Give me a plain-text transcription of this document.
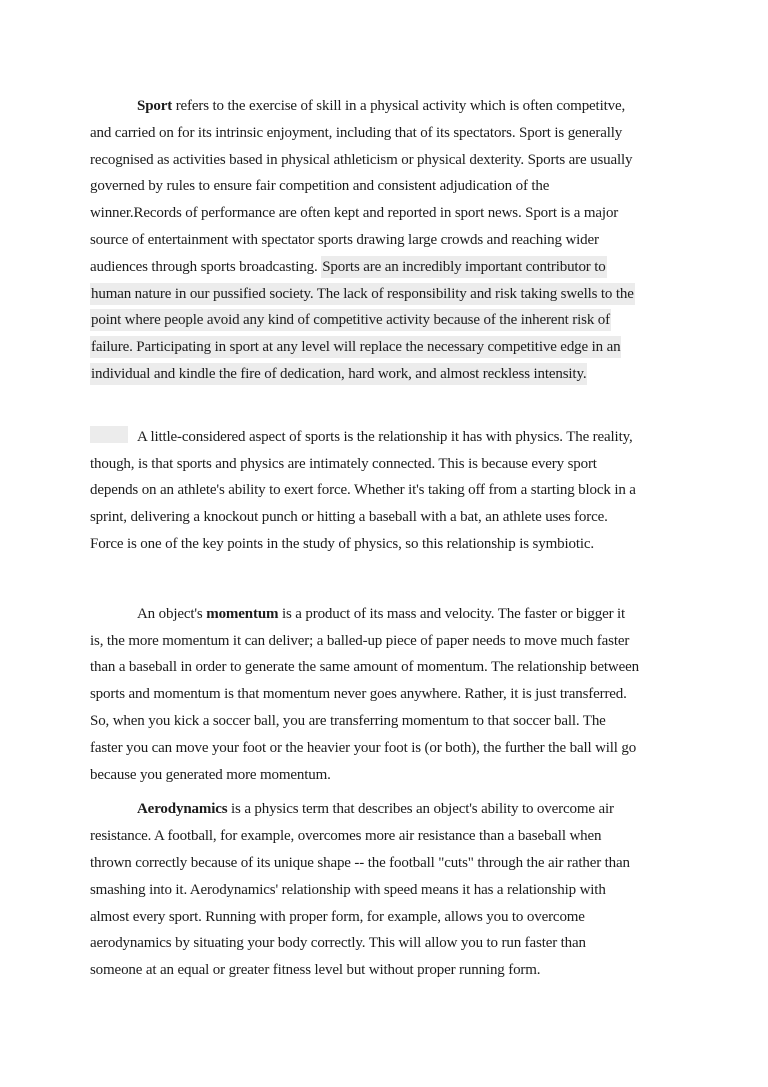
Sport refers to the exercise of skill in a physical activity which is often competitve,
and carried on for its intrinsic enjoyment, including that of its spectators. Sport is generally
recognised as activities based in physical athleticism or physical dexterity. Sports are usually
governed by rules to ensure fair competition and consistent adjudication of the
winner.Records of performance are often kept and reported in sport news. Sport is a major
source of entertainment with spectator sports drawing large crowds and reaching wider
audiences through sports broadcasting. Sports are an incredibly important contributor to
human nature in our pussified society. The lack of responsibility and risk taking swells to the
point where people avoid any kind of competitive activity because of the inherent risk of
failure. Participating in sport at any level will replace the necessary competitive edge in an
individual and kindle the fire of dedication, hard work, and almost reckless intensity.
A little-considered aspect of sports is the relationship it has with physics. The reality,
though, is that sports and physics are intimately connected. This is because every sport
depends on an athlete's ability to exert force. Whether it's taking off from a starting block in a
sprint, delivering a knockout punch or hitting a baseball with a bat, an athlete uses force.
Force is one of the key points in the study of physics, so this relationship is symbiotic.
An object's momentum is a product of its mass and velocity. The faster or bigger it
is, the more momentum it can deliver; a balled-up piece of paper needs to move much faster
than a baseball in order to generate the same amount of momentum. The relationship between
sports and momentum is that momentum never goes anywhere. Rather, it is just transferred.
So, when you kick a soccer ball, you are transferring momentum to that soccer ball. The
faster you can move your foot or the heavier your foot is (or both), the further the ball will go
because you generated more momentum.
Aerodynamics is a physics term that describes an object's ability to overcome air
resistance. A football, for example, overcomes more air resistance than a baseball when
thrown correctly because of its unique shape -- the football "cuts" through the air rather than
smashing into it. Aerodynamics' relationship with speed means it has a relationship with
almost every sport. Running with proper form, for example, allows you to overcome
aerodynamics by situating your body correctly. This will allow you to run faster than
someone at an equal or greater fitness level but without proper running form.
